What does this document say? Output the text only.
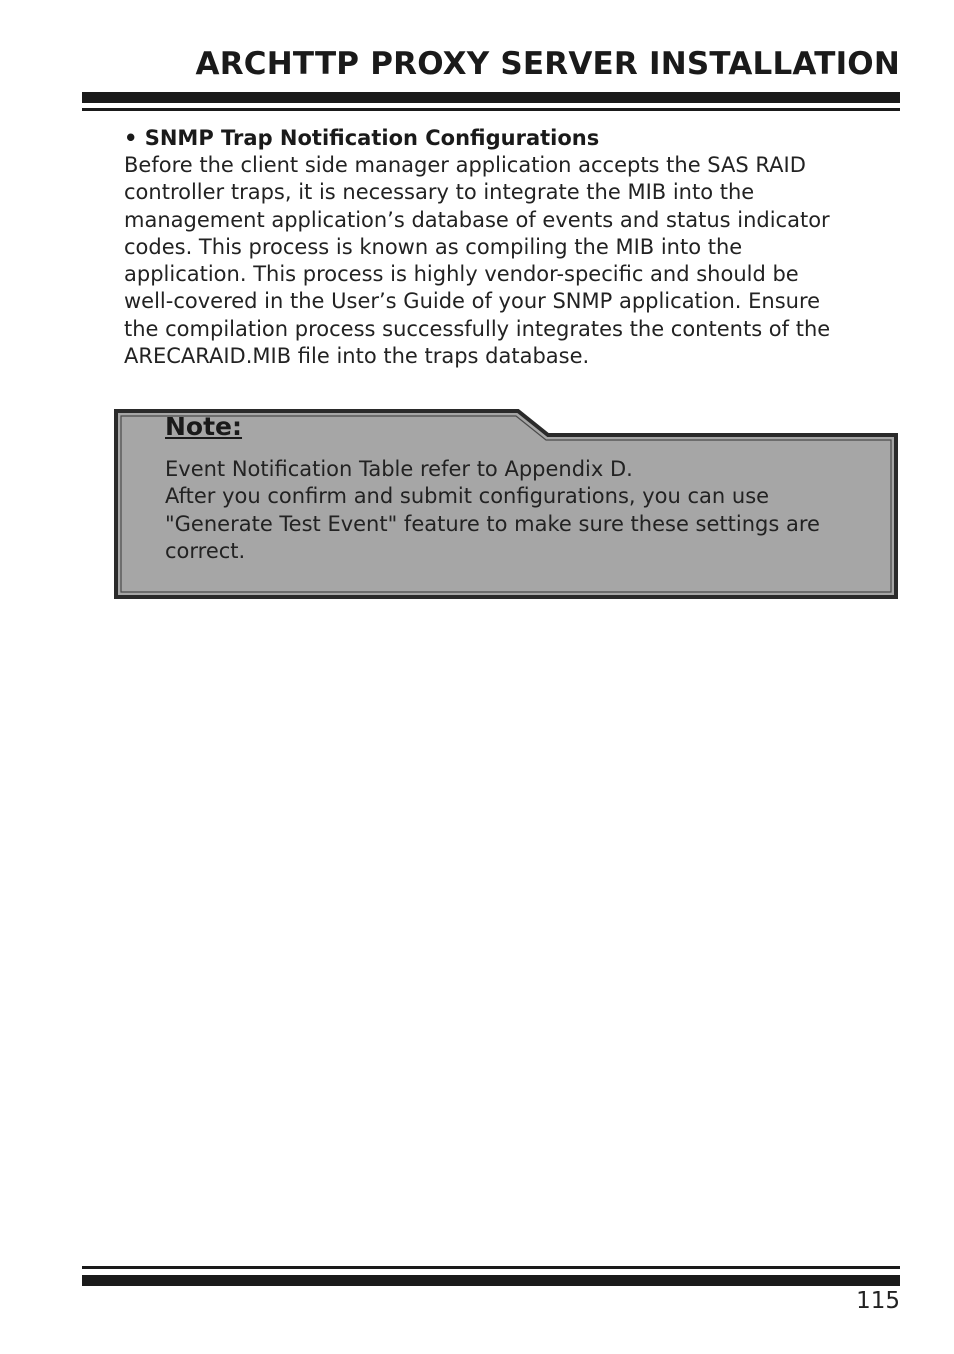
ARCHTTP PROXY SERVER INSTALLATION

• SNMP Trap Notification Configurations

Before the client side manager application accepts the SAS RAID

controller traps, it is necessary to integrate the MIB into the

management application’s database of events and status indicator

codes. This process is known as compiling the MIB into the

application. This process is highly vendor-specific and should be

well-covered in the User’s Guide of your SNMP application. Ensure

the compilation process successfully integrates the contents of the

ARECARAID.MIB file into the traps database.

Note:

Event Notification Table refer to Appendix D.

After you confirm and submit configurations, you can use

"Generate Test Event" feature to make sure these settings are

correct.

115
